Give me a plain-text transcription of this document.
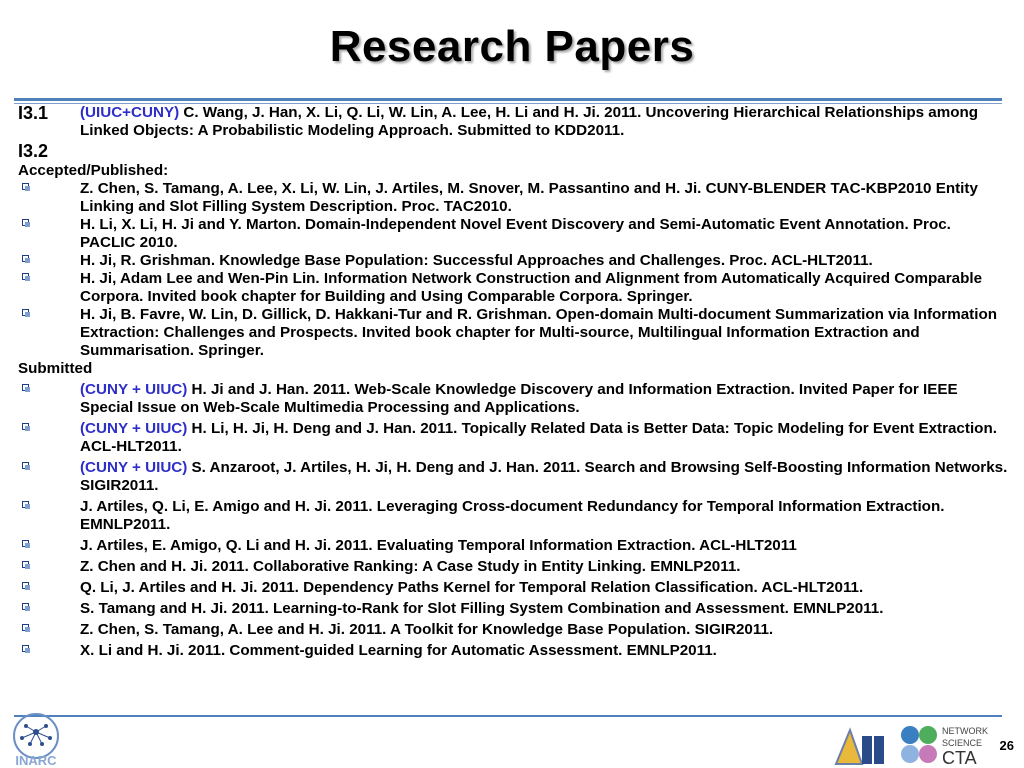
Research Papers
I3.1	(UIUC+CUNY) C. Wang, J. Han, X. Li, Q. Li, W. Lin, A. Lee, H. Li and H. Ji. 2011. Uncovering Hierarchical Relationships among Linked Objects: A Probabilistic Modeling Approach. Submitted to KDD2011.
I3.2
Accepted/Published:
Z. Chen, S. Tamang, A. Lee, X. Li, W. Lin, J. Artiles, M. Snover, M. Passantino and H. Ji. CUNY-BLENDER TAC-KBP2010 Entity Linking and Slot Filling System Description. Proc. TAC2010.
H. Li, X. Li, H. Ji and Y. Marton. Domain-Independent Novel Event Discovery and Semi-Automatic Event Annotation. Proc. PACLIC 2010.
H. Ji, R. Grishman. Knowledge Base Population: Successful Approaches and Challenges. Proc. ACL-HLT2011.
H. Ji, Adam Lee and Wen-Pin Lin. Information Network Construction and Alignment from Automatically Acquired Comparable Corpora. Invited book chapter for Building and Using Comparable Corpora. Springer.
H. Ji, B. Favre, W. Lin, D. Gillick, D. Hakkani-Tur and R. Grishman. Open-domain Multi-document Summarization via Information Extraction: Challenges and Prospects. Invited book chapter for Multi-source, Multilingual Information Extraction and Summarisation. Springer.
Submitted
(CUNY + UIUC) H. Ji and J. Han. 2011. Web-Scale Knowledge Discovery and Information Extraction. Invited Paper for IEEE Special Issue on Web-Scale Multimedia Processing and Applications.
(CUNY + UIUC) H. Li, H. Ji, H. Deng and J. Han. 2011. Topically Related Data is Better Data: Topic Modeling for Event Extraction. ACL-HLT2011.
(CUNY + UIUC) S. Anzaroot, J. Artiles, H. Ji, H. Deng and J. Han. 2011. Search and Browsing Self-Boosting Information Networks. SIGIR2011.
J. Artiles, Q. Li, E. Amigo and H. Ji. 2011. Leveraging Cross-document Redundancy for Temporal Information Extraction. EMNLP2011.
J. Artiles, E. Amigo, Q. Li and H. Ji. 2011. Evaluating Temporal Information Extraction. ACL-HLT2011
Z. Chen and H. Ji. 2011. Collaborative Ranking: A Case Study in Entity Linking. EMNLP2011.
Q. Li, J. Artiles and H. Ji. 2011. Dependency Paths Kernel for Temporal Relation Classification. ACL-HLT2011.
S. Tamang and H. Ji. 2011. Learning-to-Rank for Slot Filling System Combination and Assessment. EMNLP2011.
Z. Chen, S. Tamang, A. Lee and H. Ji. 2011. A Toolkit for Knowledge Base Population. SIGIR2011.
X. Li and H. Ji. 2011. Comment-guided Learning for Automatic Assessment. EMNLP2011.
INARC
NETWORK
SCIENCE
CTA
26
